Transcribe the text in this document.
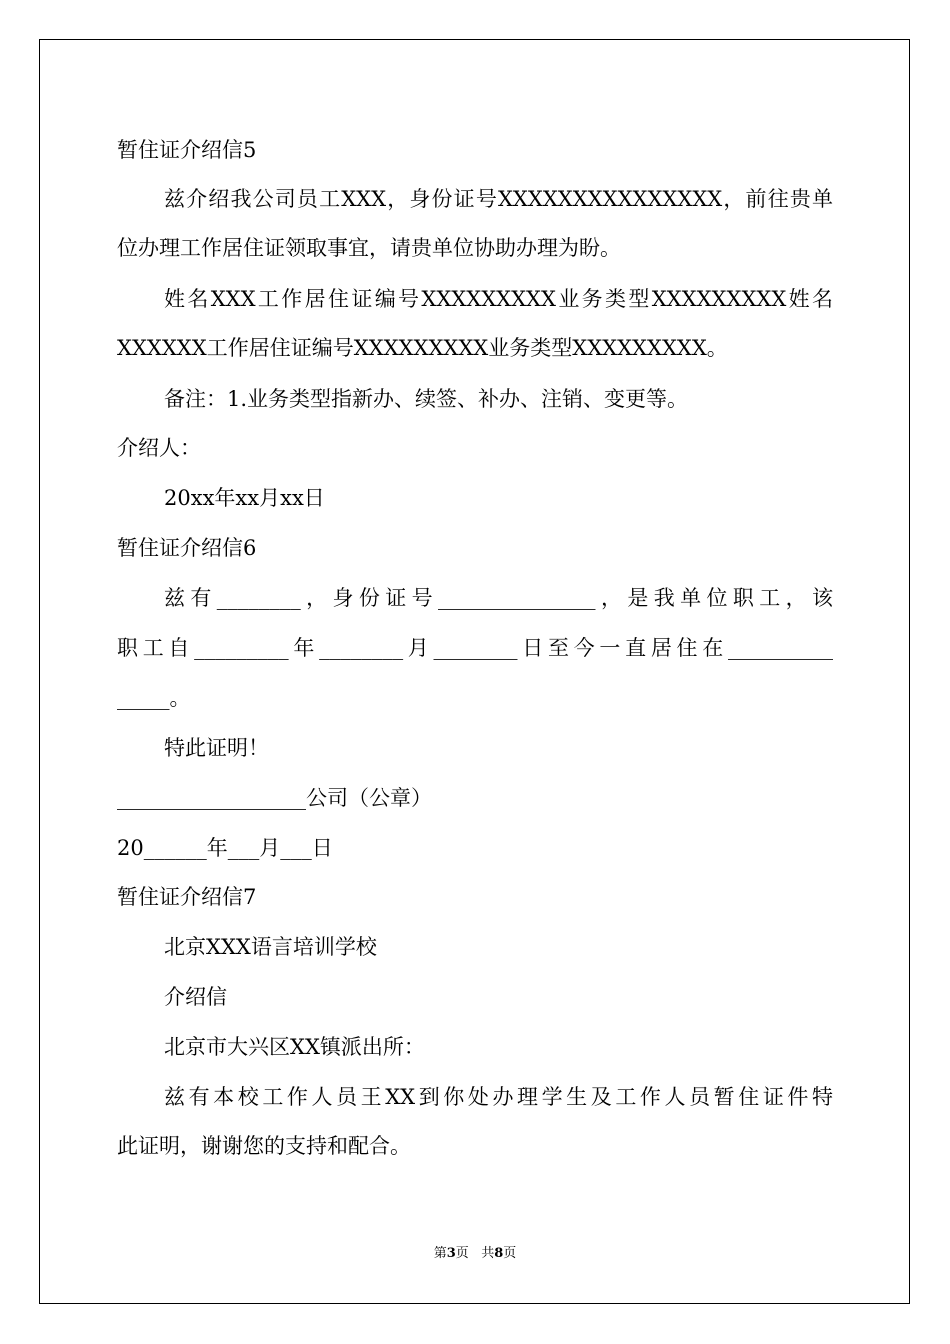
暂住证介绍信5
兹介绍我公司员工XXX，身份证号XXXXXXXXXXXXXXX，前往贵单
位办理工作居住证领取事宜，请贵单位协助办理为盼。
姓名XXX工作居住证编号XXXXXXXXX业务类型XXXXXXXXX姓名
XXXXXX工作居住证编号XXXXXXXXX业务类型XXXXXXXXX。
备注：1.业务类型指新办、续签、补办、注销、变更等。
介绍人：
20xx年xx月xx日
暂住证介绍信6
兹有________，身份证号_______________，是我单位职工，该
职工自_________年________月________日至今一直居住在__________
_____。
特此证明！
__________________公司（公章）
20______年___月___日
暂住证介绍信7
北京XXX语言培训学校
介绍信
北京市大兴区XX镇派出所：
兹有本校工作人员王XX到你处办理学生及工作人员暂住证件特
此证明，谢谢您的支持和配合。
第3页 共8页
